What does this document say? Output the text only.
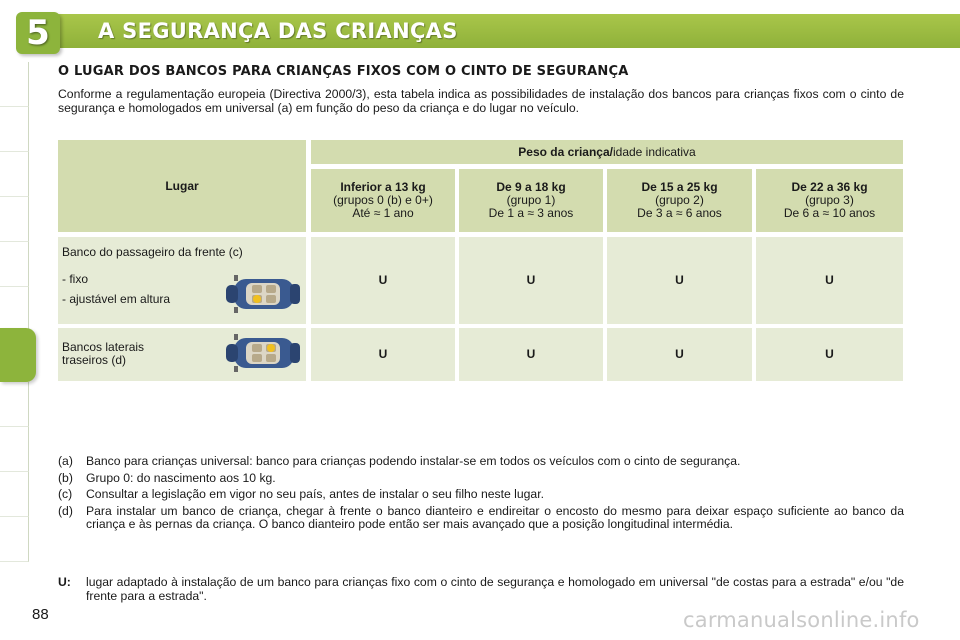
5 A SEGURANÇA DAS CRIANÇAS
O LUGAR DOS BANCOS PARA CRIANÇAS FIXOS COM O CINTO DE SEGURANÇA
Conforme a regulamentação europeia (Directiva 2000/3), esta tabela indica as possibilidades de instalação dos bancos para crianças fixos com o cinto de segurança e homologados em universal (a) em função do peso da criança e do lugar no veículo.
Lugar
Peso da criança/idade indicativa
Inferior a 13 kg
(grupos 0 (b) e 0+)
Até ≈ 1 ano
De 9 a 18 kg
(grupo 1)
De 1 a ≈ 3 anos
De 15 a 25 kg
(grupo 2)
De 3 a ≈ 6 anos
De 22 a 36 kg
(grupo 3)
De 6 a ≈ 10 anos
Banco do passageiro da frente (c)
- fixo
- ajustável em altura
U	U	U	U
Bancos laterais
traseiros (d)	U	U	U	U
(a)	Banco para crianças universal: banco para crianças podendo instalar-se em todos os veículos com o cinto de segurança.
(b)	Grupo 0: do nascimento aos 10 kg.
(c)	Consultar a legislação em vigor no seu país, antes de instalar o seu filho neste lugar.
(d)	Para instalar um banco de criança, chegar à frente o banco dianteiro e endireitar o encosto do mesmo para deixar espaço suficiente ao banco da criança e às pernas da criança. O banco dianteiro pode então ser mais avançado que a posição longitudinal intermédia.
U:	lugar adaptado à instalação de um banco para crianças fixo com o cinto de segurança e homologado em universal "de costas para a estrada" e/ou "de frente para a estrada".
88	carmanualsonline.info
